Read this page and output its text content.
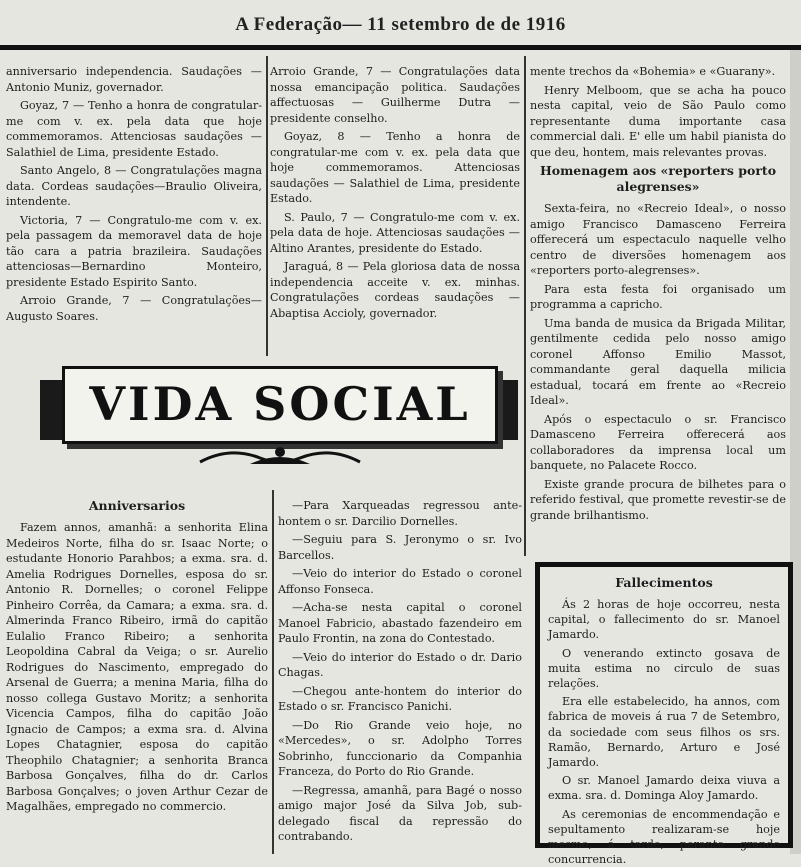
A Federação— 11 setembro de de 1916

anniversario independencia. Saudações — Antonio Muniz, governador.

Goyaz, 7 — Tenho a honra de congratular-me com v. ex. pela data que hoje commemoramos. Attenciosas saudações — Salathiel de Lima, presidente Estado.

Santo Angelo, 8 — Congratulações magna data. Cordeas saudações—Braulio Oliveira, intendente.

Victoria, 7 — Congratulo-me com v. ex. pela passagem da memoravel data de hoje tão cara a patria brazileira. Saudações attenciosas—Bernardino Monteiro, presidente Estado Espirito Santo.

Arroio Grande, 7 — Congratulações—Augusto Soares.

Arroio Grande, 7 — Congratulações data nossa emancipação politica. Saudações affectuosas — Guilherme Dutra — presidente conselho.

Goyaz, 8 — Tenho a honra de congratular-me com v. ex. pela data que hoje commemoramos. Attenciosas saudações — Salathiel de Lima, presidente Estado.

S. Paulo, 7 — Congratulo-me com v. ex. pela data de hoje. Attenciosas saudações — Altino Arantes, presidente do Estado.

Jaraguá, 8 — Pela gloriosa data de nossa independencia acceite v. ex. minhas. Congratulações cordeas saudações — Abaptisa Accioly, governador.

mente trechos da «Bohemia» e «Guarany».

Henry Melboom, que se acha ha pouco nesta capital, veio de São Paulo como representante duma importante casa commercial dali. E' elle um habil pianista do que deu, hontem, mais relevantes provas.

Homenagem aos «reporters porto alegrenses»

Sexta-feira, no «Recreio Ideal», o nosso amigo Francisco Damasceno Ferreira offerecerá um espectaculo naquelle velho centro de diversões homenagem aos «reporters porto-alegrenses».

Para esta festa foi organisado um programma a capricho.

Uma banda de musica da Brigada Militar, gentilmente cedida pelo nosso amigo coronel Affonso Emilio Massot, commandante geral daquella milicia estadual, tocará em frente ao «Recreio Ideal».

Após o espectaculo o sr. Francisco Damasceno Ferreira offerecerá aos collaboradores da imprensa local um banquete, no Palacete Rocco.

Existe grande procura de bilhetes para o referido festival, que promette revestir-se de grande brilhantismo.

VIDA SOCIAL
Anniversarios

Fazem annos, amanhã: a senhorita Elina Medeiros Norte, filha do sr. Isaac Norte; o estudante Honorio Parahbos; a exma. sra. d. Amelia Rodrigues Dornelles, esposa do sr. Antonio R. Dornelles; o coronel Felippe Pinheiro Corrêa, da Camara; a exma. sra. d. Almerinda Franco Ribeiro, irmã do capitão Eulalio Franco Ribeiro; a senhorita Leopoldina Cabral da Veiga; o sr. Aurelio Rodrigues do Nascimento, empregado do Arsenal de Guerra; a menina Maria, filha do nosso collega Gustavo Moritz; a senhorita Vicencia Campos, filha do capitão João Ignacio de Campos; a exma sra. d. Alvina Lopes Chatagnier, esposa do capitão Theophilo Chatagnier; a senhorita Branca Barbosa Gonçalves, filha do dr. Carlos Barbosa Gonçalves; o joven Arthur Cezar de Magalhães, empregado no commercio.

—Para Xarqueadas regressou ante-hontem o sr. Darcilio Dornelles.

—Seguiu para S. Jeronymo o sr. Ivo Barcellos.

—Veio do interior do Estado o coronel Affonso Fonseca.

—Acha-se nesta capital o coronel Manoel Fabricio, abastado fazendeiro em Paulo Frontin, na zona do Contestado.

—Veio do interior do Estado o dr. Dario Chagas.

—Chegou ante-hontem do interior do Estado o sr. Francisco Panichi.

—Do Rio Grande veio hoje, no «Mercedes», o sr. Adolpho Torres Sobrinho, funccionario da Companhia Franceza, do Porto do Rio Grande.

—Regressa, amanhã, para Bagé o nosso amigo major José da Silva Job, sub-delegado fiscal da repressão do contrabando.

Fallecimentos

Ás 2 horas de hoje occorreu, nesta capital, o fallecimento do sr. Manoel Jamardo.

O venerando extincto gosava de muita estima no circulo de suas relações.

Era elle estabelecido, ha annos, com fabrica de moveis á rua 7 de Setembro, da sociedade com seus filhos os srs. Ramão, Bernardo, Arturo e José Jamardo.

O sr. Manoel Jamardo deixa viuva a exma. sra. d. Dominga Aloy Jamardo.

As ceremonias de encommendação e sepultamento realizaram-se hoje mesmo, á tarde, perante grande concurrencia.
